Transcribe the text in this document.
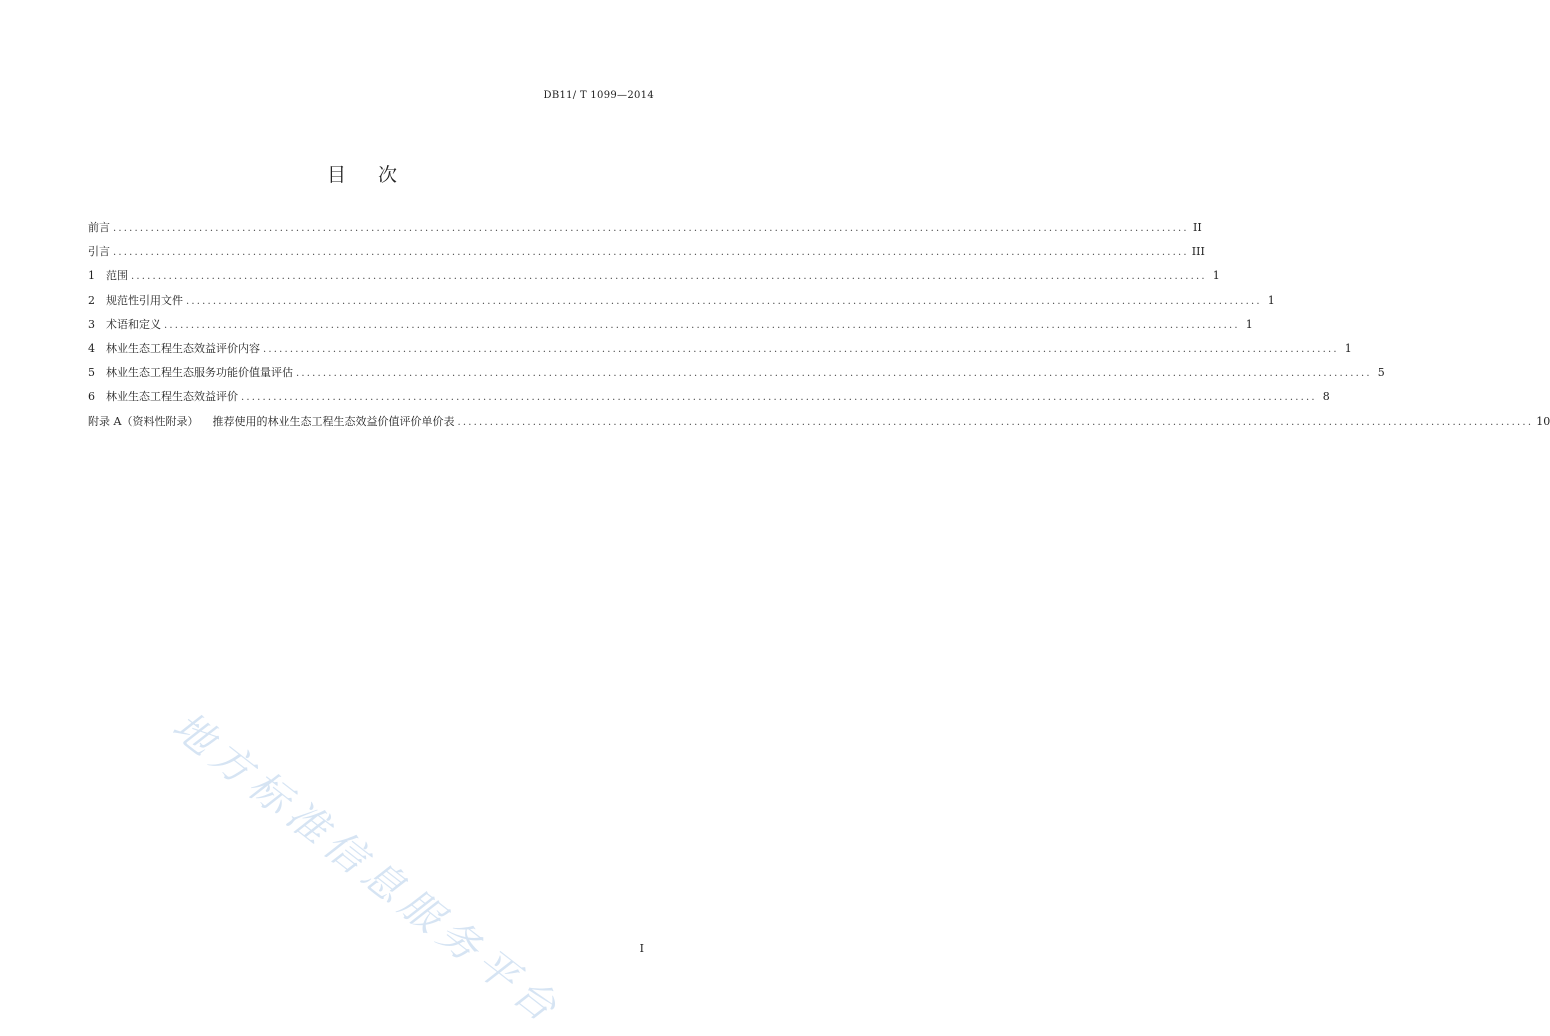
DB11/ T 1099—2014
目次
前言 ........................................................................................................................................................................................................ II
引言 ........................................................................................................................................................................................................ III
1 范围 ........................................................................................................................................................................................................ 1
2 规范性引用文件 ........................................................................................................................................................................................................ 1
3 术语和定义 ........................................................................................................................................................................................................ 1
4 林业生态工程生态效益评价内容 ........................................................................................................................................................................................................ 1
5 林业生态工程生态服务功能价值量评估 ........................................................................................................................................................................................................ 5
6 林业生态工程生态效益评价 ........................................................................................................................................................................................................ 8
附录 A（资料性附录） 推荐使用的林业生态工程生态效益价值评价单价表 ........................................................................................................................................................................................................ 10
地方标准信息服务平台	I
